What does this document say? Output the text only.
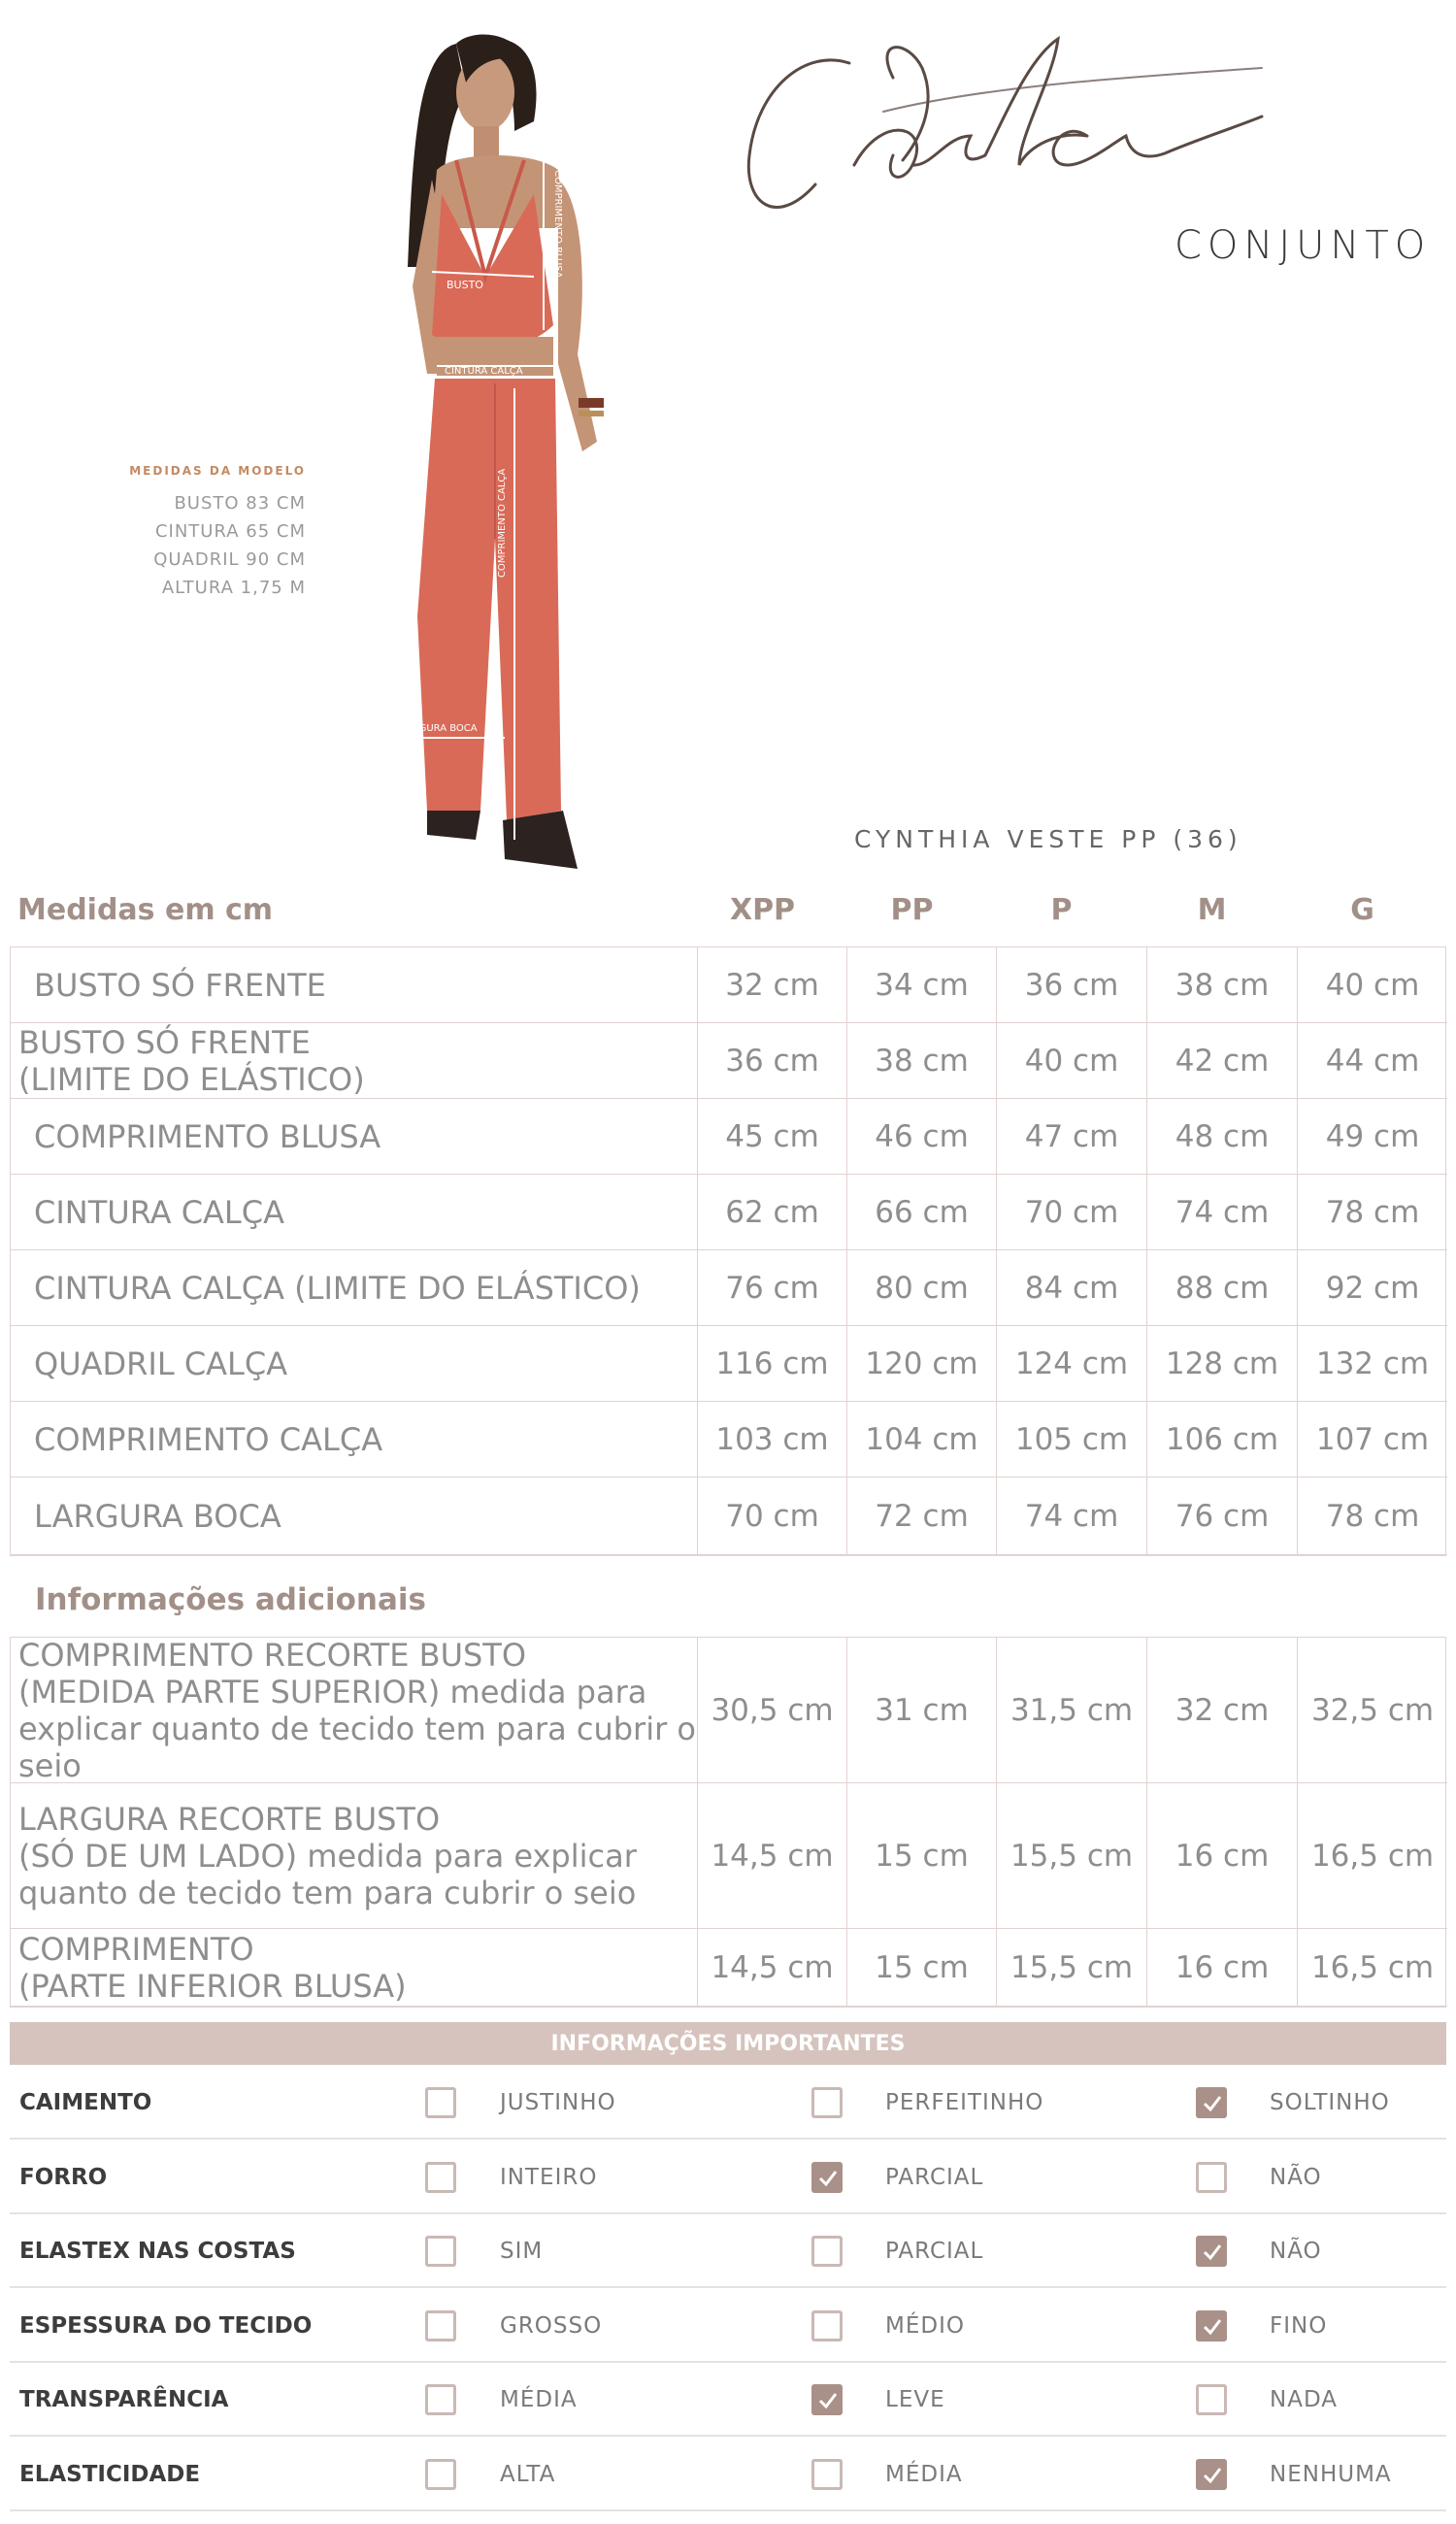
CONJUNTO
BUSTO
CINTURA CALÇA
LARGURA BOCA
COMPRIMENTO BLUSA
COMPRIMENTO CALÇA
MEDIDAS DA MODELO
BUSTO 83 CM
CINTURA 65 CM
QUADRIL 90 CM
ALTURA 1,75 M
CYNTHIA VESTE PP (36)
Medidas em cm	XPP	PP	P	M	G
BUSTO SÓ FRENTE	32 cm	34 cm	36 cm	38 cm	40 cm
BUSTO SÓ FRENTE
(LIMITE DO ELÁSTICO)	36 cm	38 cm	40 cm	42 cm	44 cm
COMPRIMENTO BLUSA	45 cm	46 cm	47 cm	48 cm	49 cm
CINTURA CALÇA	62 cm	66 cm	70 cm	74 cm	78 cm
CINTURA CALÇA (LIMITE DO ELÁSTICO)	76 cm	80 cm	84 cm	88 cm	92 cm
QUADRIL CALÇA	116 cm	120 cm	124 cm	128 cm	132 cm
COMPRIMENTO CALÇA	103 cm	104 cm	105 cm	106 cm	107 cm
LARGURA BOCA	70 cm	72 cm	74 cm	76 cm	78 cm
Informações adicionais
COMPRIMENTO RECORTE BUSTO
(MEDIDA PARTE SUPERIOR) medida para explicar quanto de tecido tem para cubrir o seio
30,5 cm	31 cm	31,5 cm	32 cm	32,5 cm
LARGURA RECORTE BUSTO
(SÓ DE UM LADO) medida para explicar quanto de tecido tem para cubrir o seio
14,5 cm	15 cm	15,5 cm	16 cm	16,5 cm
COMPRIMENTO
(PARTE INFERIOR BLUSA)	14,5 cm	15 cm	15,5 cm	16 cm	16,5 cm
INFORMAÇÕES IMPORTANTES
CAIMENTO	JUSTINHO	PERFEITINHO	SOLTINHO
FORRO	INTEIRO	PARCIAL	NÃO
ELASTEX NAS COSTAS	SIM	PARCIAL	NÃO
ESPESSURA DO TECIDO	GROSSO	MÉDIO	FINO
TRANSPARÊNCIA	MÉDIA	LEVE	NADA
ELASTICIDADE	ALTA	MÉDIA	NENHUMA
